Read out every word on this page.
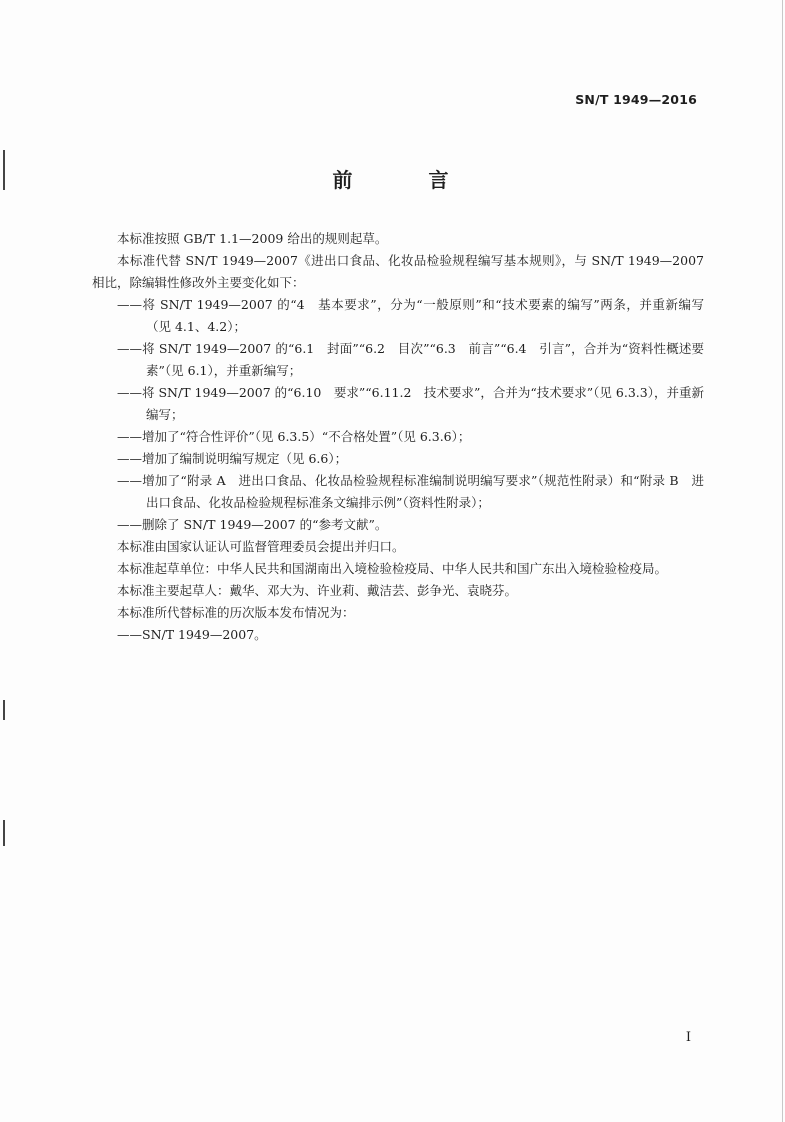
SN/T 1949—2016
前　言

本标准按照 GB/T 1.1—2009 给出的规则起草。

本标准代替 SN/T 1949—2007《进出口食品、化妆品检验规程编写基本规则》，与 SN/T 1949—2007 相比，除编辑性修改外主要变化如下：

——将 SN/T 1949—2007 的“4　基本要求”，分为“一般原则”和“技术要素的编写”两条，并重新编写（见 4.1、4.2）；

——将 SN/T 1949—2007 的“6.1　封面”“6.2　目次”“6.3　前言”“6.4　引言”，合并为“资料性概述要素”（见 6.1），并重新编写；

——将 SN/T 1949—2007 的“6.10　要求”“6.11.2　技术要求”，合并为“技术要求”（见 6.3.3），并重新编写；

——增加了“符合性评价”（见 6.3.5）“不合格处置”（见 6.3.6）；

——增加了编制说明编写规定（见 6.6）；

——增加了“附录 A　进出口食品、化妆品检验规程标准编制说明编写要求”（规范性附录）和“附录 B　进出口食品、化妆品检验规程标准条文编排示例”（资料性附录）；

——删除了 SN/T 1949—2007 的“参考文献”。

本标准由国家认证认可监督管理委员会提出并归口。

本标准起草单位：中华人民共和国湖南出入境检验检疫局、中华人民共和国广东出入境检验检疫局。

本标准主要起草人：戴华、邓大为、许业莉、戴洁芸、彭争光、袁晓芬。

本标准所代替标准的历次版本发布情况为：

——SN/T 1949—2007。

I
